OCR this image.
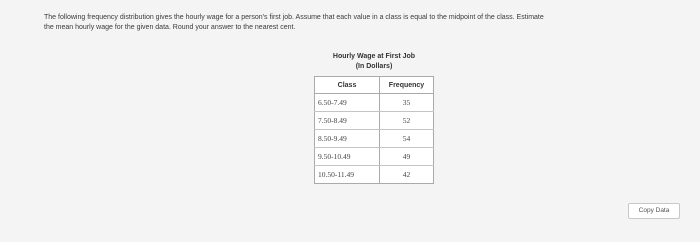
The following frequency distribution gives the hourly wage for a person's first job. Assume that each value in a class is equal to the midpoint of the class. Estimate
the mean hourly wage for the given data. Round your answer to the nearest cent.
Hourly Wage at First Job
(In Dollars)
Class	Frequency
6.50-7.49	35
7.50-8.49	52
8.50-9.49	54
9.50-10.49	49
10.50-11.49	42
Copy Data
